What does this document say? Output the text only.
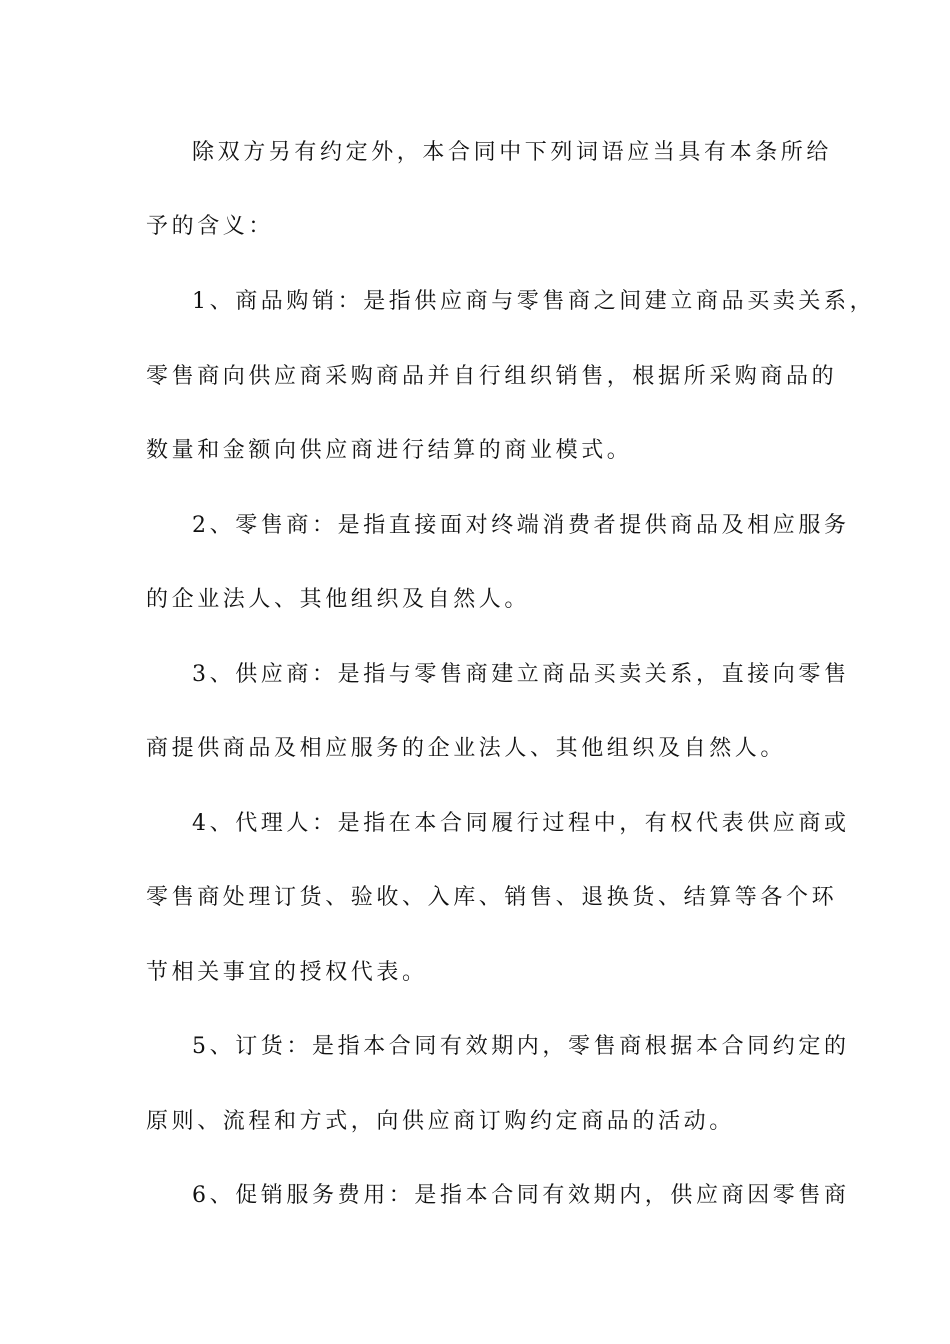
除双方另有约定外，本合同中下列词语应当具有本条所给
予的含义：
1、商品购销：是指供应商与零售商之间建立商品买卖关系，
零售商向供应商采购商品并自行组织销售，根据所采购商品的
数量和金额向供应商进行结算的商业模式。
2、零售商：是指直接面对终端消费者提供商品及相应服务
的企业法人、其他组织及自然人。
3、供应商：是指与零售商建立商品买卖关系，直接向零售
商提供商品及相应服务的企业法人、其他组织及自然人。
4、代理人：是指在本合同履行过程中，有权代表供应商或
零售商处理订货、验收、入库、销售、退换货、结算等各个环
节相关事宜的授权代表。
5、订货：是指本合同有效期内，零售商根据本合同约定的
原则、流程和方式，向供应商订购约定商品的活动。
6、促销服务费用：是指本合同有效期内，供应商因零售商
